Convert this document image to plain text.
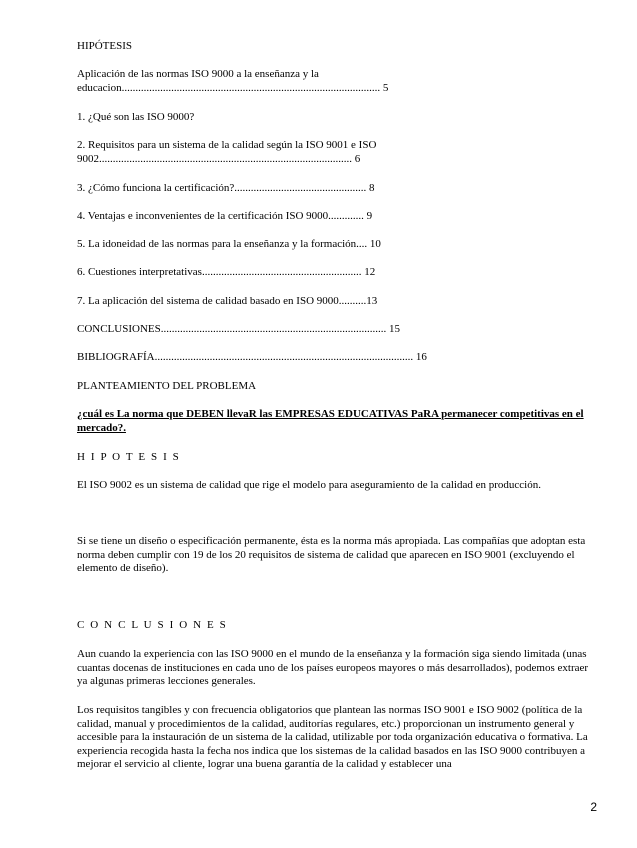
HIPÓTESIS
Aplicación de las normas ISO 9000 a la enseñanza y la
educacion.............................................................................................. 5
1. ¿Qué son las ISO 9000?
2. Requisitos para un sistema de la calidad según la ISO 9001 e ISO
9002............................................................................................ 6
3. ¿Cómo funciona la certificación?................................................ 8
4. Ventajas e inconvenientes de la certificación ISO 9000............. 9
5. La idoneidad de las normas para la enseñanza y la formación.... 10
6. Cuestiones interpretativas.......................................................... 12
7. La aplicación del sistema de calidad basado en ISO 9000..........13
CONCLUSIONES.................................................................................. 15
BIBLIOGRAFÍA.............................................................................................. 16
PLANTEAMIENTO DEL PROBLEMA
¿cuál es La norma que DEBEN llevaR las EMPRESAS EDUCATIVAS PaRA permanecer competitivas en el mercado?.
H I P O T E S I S
El ISO 9002 es un sistema de calidad que rige el modelo para aseguramiento de la calidad en producción.
Si se tiene un diseño o especificación permanente, ésta es la norma más apropiada. Las compañías que adoptan esta norma deben cumplir con 19 de los 20 requisitos de sistema de calidad que aparecen en ISO 9001 (excluyendo el elemento de diseño).
C O N C L U S I O N E S
Aun cuando la experiencia con las ISO 9000 en el mundo de la enseñanza y la formación siga siendo limitada (unas cuantas docenas de instituciones en cada uno de los países europeos mayores o más desarrollados), podemos extraer ya algunas primeras lecciones generales.
Los requisitos tangibles y con frecuencia obligatorios que plantean las normas ISO 9001 e ISO 9002 (política de la calidad, manual y procedimientos de la calidad, auditorías regulares, etc.) proporcionan un instrumento general y accesible para la instauración de un sistema de la calidad, utilizable por toda organización educativa o formativa. La experiencia recogida hasta la fecha nos indica que los sistemas de la calidad basados en las ISO 9000 contribuyen a mejorar el servicio al cliente, lograr una buena garantía de la calidad y establecer una
2
